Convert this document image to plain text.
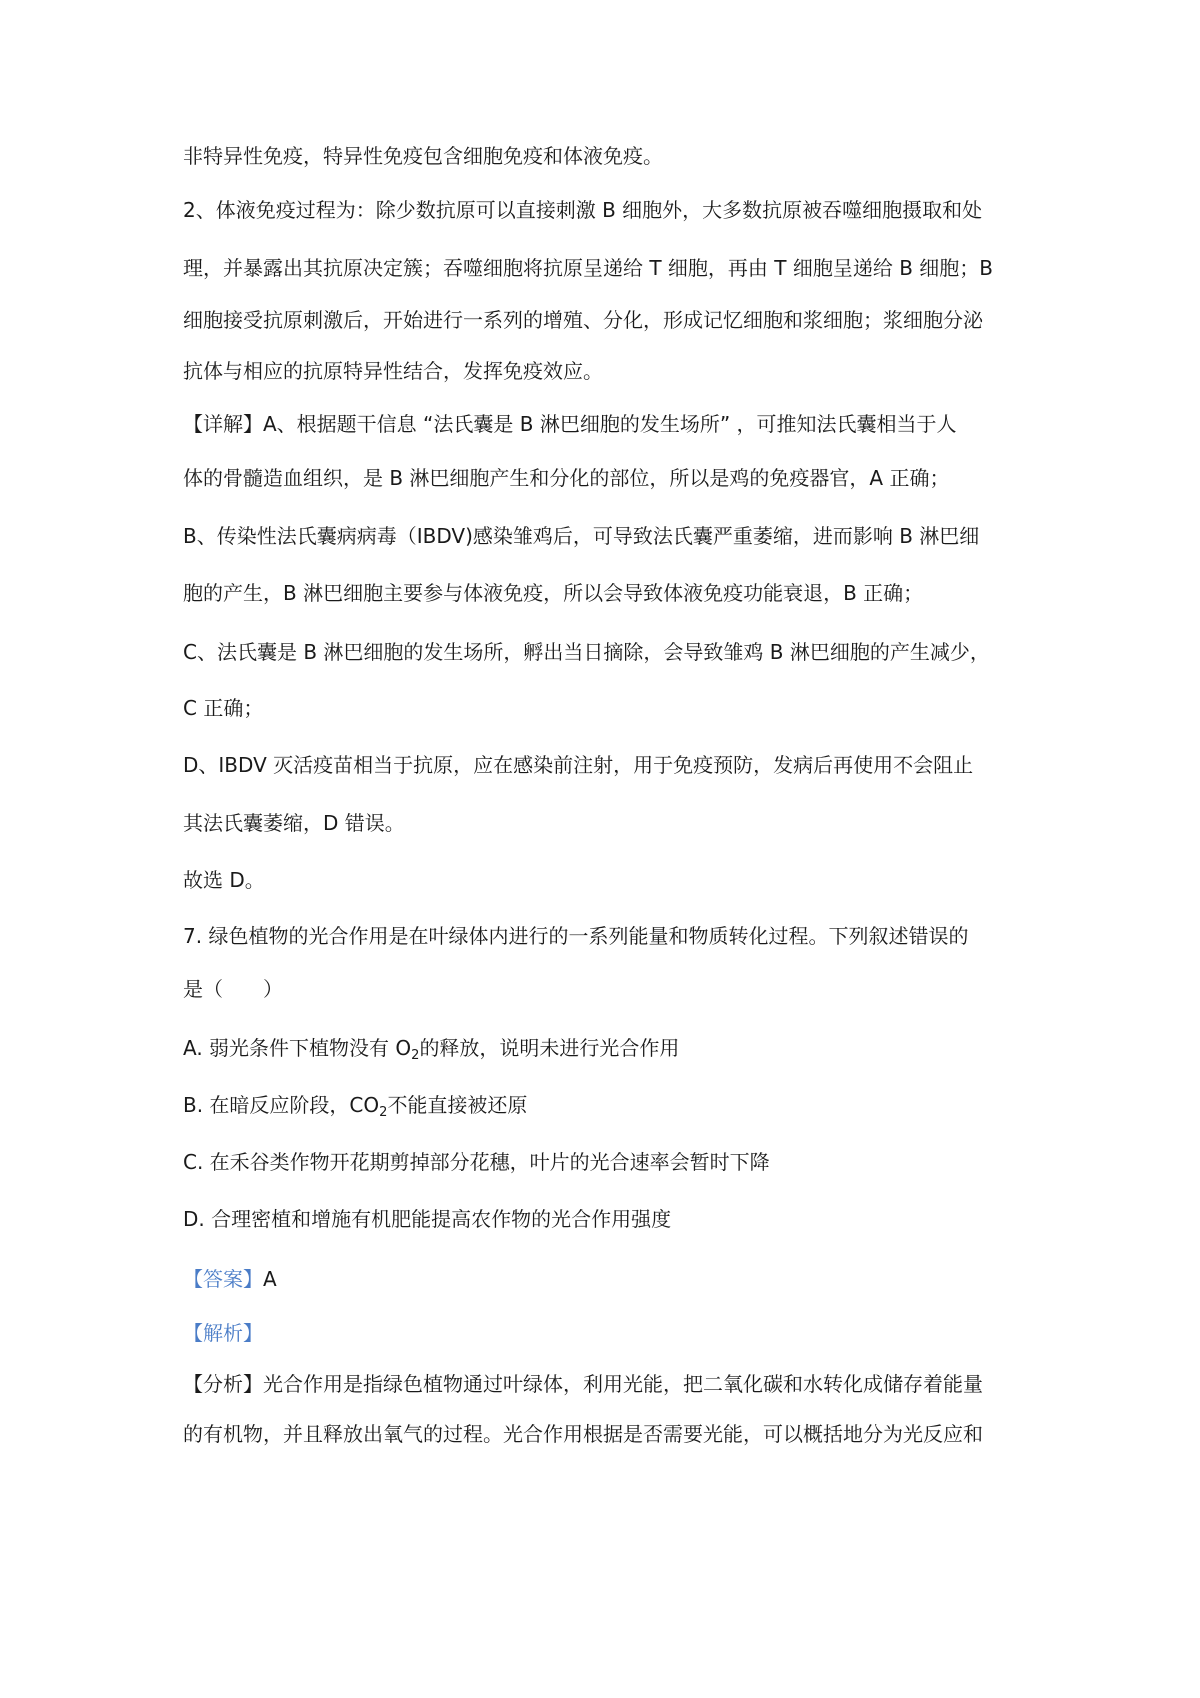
非特异性免疫，特异性免疫包含细胞免疫和体液免疫。
2、体液免疫过程为：除少数抗原可以直接刺激 B 细胞外，大多数抗原被吞噬细胞摄取和处
理，并暴露出其抗原决定簇；吞噬细胞将抗原呈递给 T 细胞，再由 T 细胞呈递给 B 细胞；B
细胞接受抗原刺激后，开始进行一系列的增殖、分化，形成记忆细胞和浆细胞；浆细胞分泌
抗体与相应的抗原特异性结合，发挥免疫效应。
【详解】A、根据题干信息 “法氏囊是 B 淋巴细胞的发生场所” ，可推知法氏囊相当于人
体的骨髓造血组织，是 B 淋巴细胞产生和分化的部位，所以是鸡的免疫器官，A 正确；
B、传染性法氏囊病病毒（IBDV)感染雏鸡后，可导致法氏囊严重萎缩，进而影响 B 淋巴细
胞的产生，B 淋巴细胞主要参与体液免疫，所以会导致体液免疫功能衰退，B 正确；
C、法氏囊是 B 淋巴细胞的发生场所，孵出当日摘除，会导致雏鸡 B 淋巴细胞的产生减少，
C 正确；
D、IBDV 灭活疫苗相当于抗原，应在感染前注射，用于免疫预防，发病后再使用不会阻止
其法氏囊萎缩，D 错误。
故选 D。
7. 绿色植物的光合作用是在叶绿体内进行的一系列能量和物质转化过程。下列叙述错误的
是（　　）
A. 弱光条件下植物没有 $O_2$的释放，说明未进行光合作用
B. 在暗反应阶段，$CO_2$不能直接被还原
C. 在禾谷类作物开花期剪掉部分花穗，叶片的光合速率会暂时下降
D. 合理密植和增施有机肥能提高农作物的光合作用强度
【答案】A
【解析】
【分析】光合作用是指绿色植物通过叶绿体，利用光能，把二氧化碳和水转化成储存着能量
的有机物，并且释放出氧气的过程。光合作用根据是否需要光能，可以概括地分为光反应和
